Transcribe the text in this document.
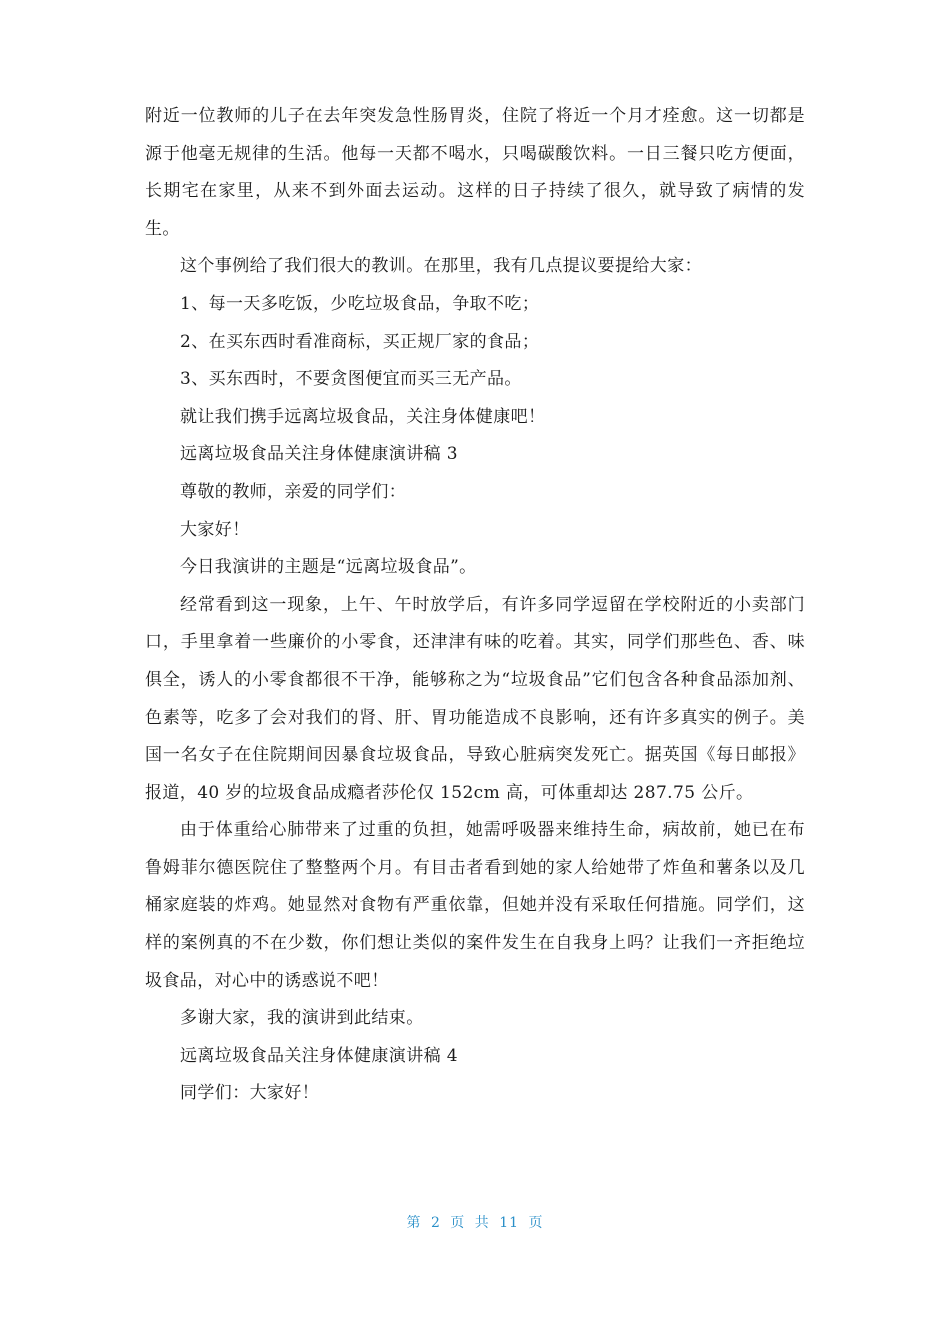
附近一位教师的儿子在去年突发急性肠胃炎，住院了将近一个月才痊愈。这一切都是源于他毫无规律的生活。他每一天都不喝水，只喝碳酸饮料。一日三餐只吃方便面，长期宅在家里，从来不到外面去运动。这样的日子持续了很久，就导致了病情的发生。

这个事例给了我们很大的教训。在那里，我有几点提议要提给大家：

1、每一天多吃饭，少吃垃圾食品，争取不吃；

2、在买东西时看准商标，买正规厂家的食品；

3、买东西时，不要贪图便宜而买三无产品。

就让我们携手远离垃圾食品，关注身体健康吧！

远离垃圾食品关注身体健康演讲稿 3

尊敬的教师，亲爱的同学们：

大家好！

今日我演讲的主题是“远离垃圾食品”。

经常看到这一现象，上午、午时放学后，有许多同学逗留在学校附近的小卖部门口，手里拿着一些廉价的小零食，还津津有味的吃着。其实，同学们那些色、香、味俱全，诱人的小零食都很不干净，能够称之为“垃圾食品”它们包含各种食品添加剂、色素等，吃多了会对我们的肾、肝、胃功能造成不良影响，还有许多真实的例子。美国一名女子在住院期间因暴食垃圾食品，导致心脏病突发死亡。据英国《每日邮报》报道，40 岁的垃圾食品成瘾者莎伦仅 152cm 高，可体重却达 287.75 公斤。

由于体重给心肺带来了过重的负担，她需呼吸器来维持生命，病故前，她已在布鲁姆菲尔德医院住了整整两个月。有目击者看到她的家人给她带了炸鱼和薯条以及几桶家庭装的炸鸡。她显然对食物有严重依靠，但她并没有采取任何措施。同学们，这样的案例真的不在少数，你们想让类似的案件发生在自我身上吗？让我们一齐拒绝垃圾食品，对心中的诱惑说不吧！

多谢大家，我的演讲到此结束。

远离垃圾食品关注身体健康演讲稿 4

同学们：大家好！

第 2 页 共 11 页
